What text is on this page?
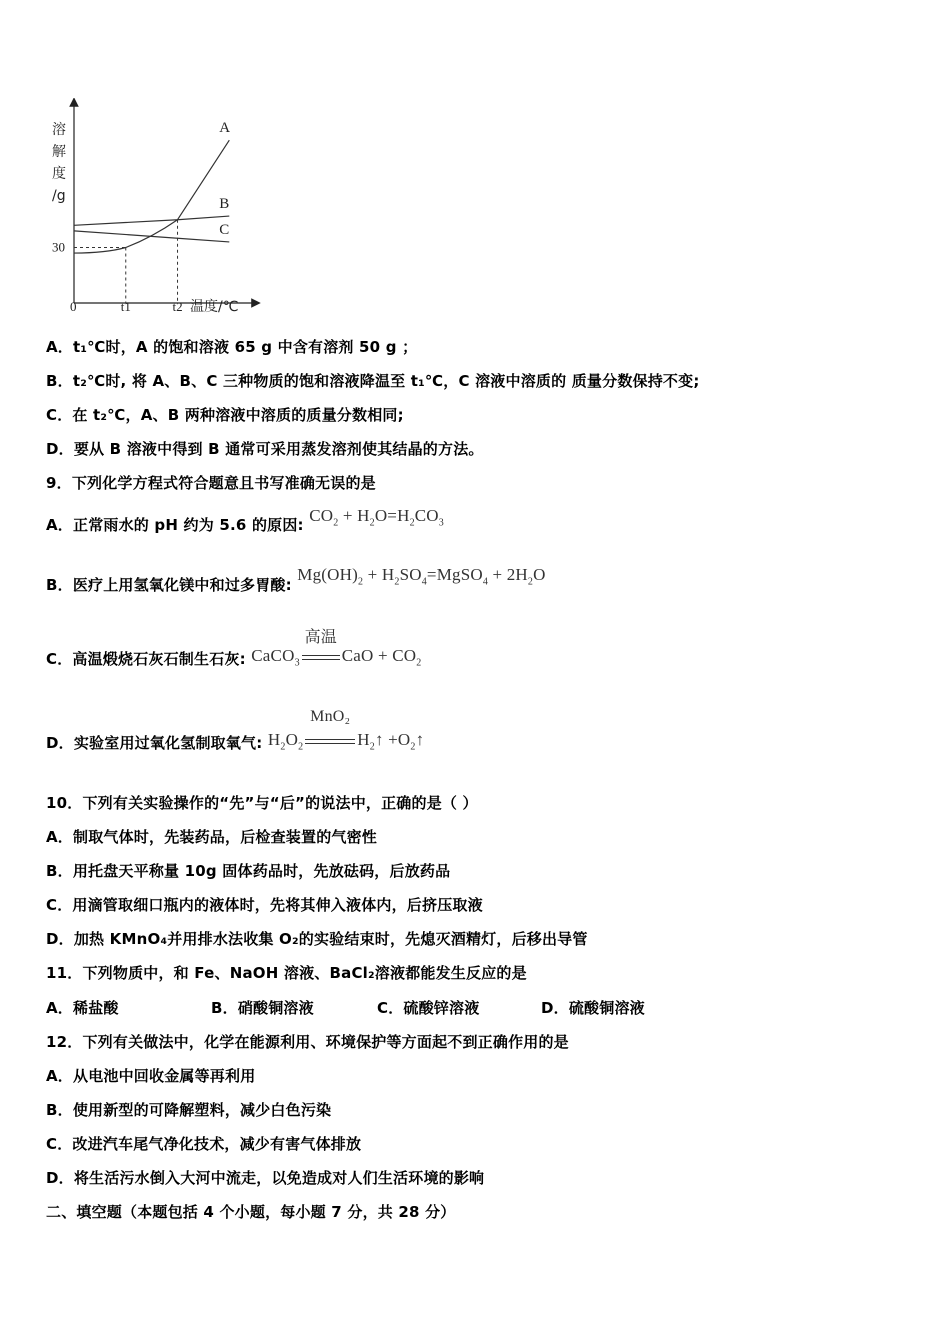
溶
解
度
/g
0	温度/℃
A
B
C
t1	t2
30
A．t₁℃时，A 的饱和溶液 65 g 中含有溶剂 50 g ；
B．t₂℃时, 将 A、B、C 三种物质的饱和溶液降温至 t₁℃，C 溶液中溶质的 质量分数保持不变;
C．在 t₂℃，A、B 两种溶液中溶质的质量分数相同;
D．要从 B 溶液中得到 B 通常可采用蒸发溶剂使其结晶的方法。
9．下列化学方程式符合题意且书写准确无误的是
A．正常雨水的 pH 约为 5.6 的原因: $CO_2 + H_2O=H_2CO_3$
B．医疗上用氢氧化镁中和过多胃酸: $Mg(OH)_2$ + $H_2SO_4=MgSO_4 + 2H_2O$
C．高温煅烧石灰石制生石灰: CaCO$_3$
高温
CaO + $CO_2$
D．实验室用过氧化氢制取氧气: $H_2O_2$
MnO₂
$H_2↑$ $+O_2↑$
10．下列有关实验操作的“先”与“后”的说法中，正确的是（ ）
A．制取气体时，先装药品，后检查装置的气密性
B．用托盘天平称量 10g 固体药品时，先放砝码，后放药品
C．用滴管取细口瓶内的液体时，先将其伸入液体内，后挤压取液
D．加热 KMnO₄并用排水法收集 O₂的实验结束时，先熄灭酒精灯，后移出导管
11．下列物质中，和 Fe、NaOH 溶液、BaCl₂溶液都能发生反应的是
A．稀盐酸	B．硝酸铜溶液	C．硫酸锌溶液	D．硫酸铜溶液
12．下列有关做法中，化学在能源利用、环境保护等方面起不到正确作用的是
A．从电池中回收金属等再利用
B．使用新型的可降解塑料，减少白色污染
C．改进汽车尾气净化技术，减少有害气体排放
D．将生活污水倒入大河中流走，以免造成对人们生活环境的影响
二、填空题（本题包括 4 个小题，每小题 7 分，共 28 分）
